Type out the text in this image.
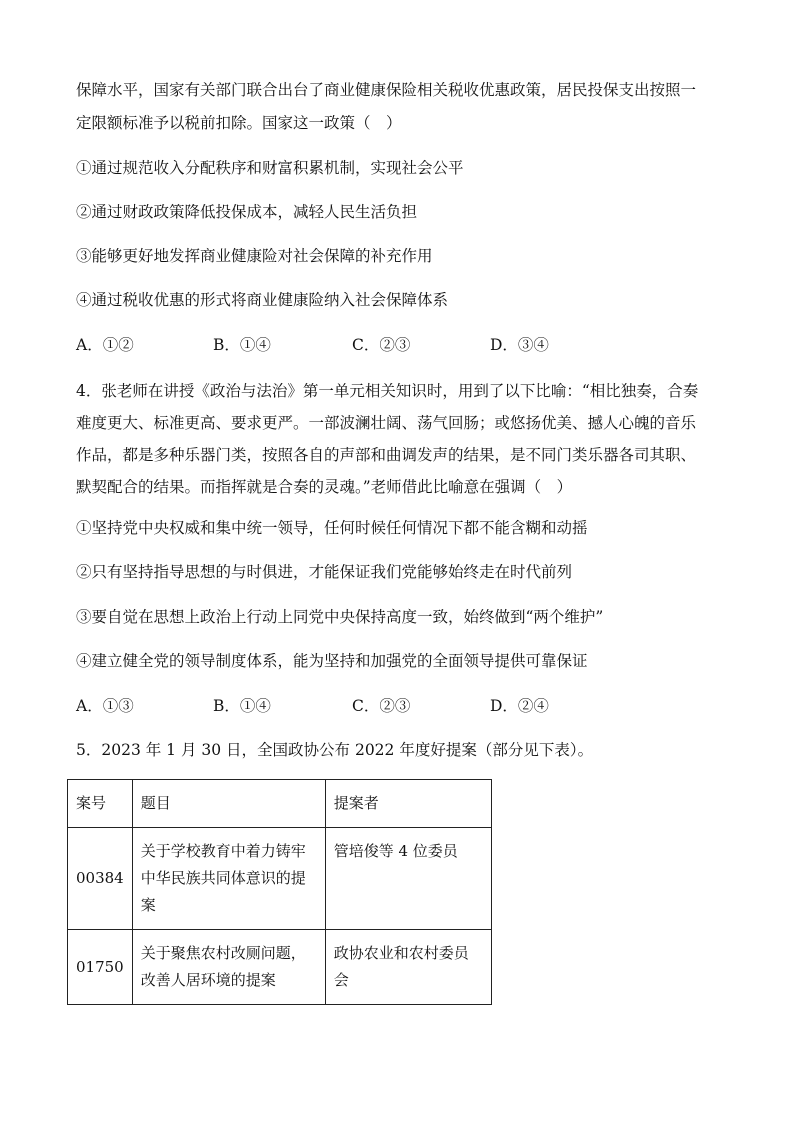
保障水平，国家有关部门联合出台了商业健康保险相关税收优惠政策，居民投保支出按照一
定限额标准予以税前扣除。国家这一政策（　）
①通过规范收入分配秩序和财富积累机制，实现社会公平
②通过财政政策降低投保成本，减轻人民生活负担
③能够更好地发挥商业健康险对社会保障的补充作用
④通过税收优惠的形式将商业健康险纳入社会保障体系
A．①②	B．①④	C．②③	D．③④
4．张老师在讲授《政治与法治》第一单元相关知识时，用到了以下比喻：“相比独奏，合奏
难度更大、标准更高、要求更严。一部波澜壮阔、荡气回肠；或悠扬优美、撼人心魄的音乐
作品，都是多种乐器门类，按照各自的声部和曲调发声的结果，是不同门类乐器各司其职、
默契配合的结果。而指挥就是合奏的灵魂。”老师借此比喻意在强调（　）
①坚持党中央权威和集中统一领导，任何时候任何情况下都不能含糊和动摇
②只有坚持指导思想的与时俱进，才能保证我们党能够始终走在时代前列
③要自觉在思想上政治上行动上同党中央保持高度一致，始终做到“两个维护”
④建立健全党的领导制度体系，能为坚持和加强党的全面领导提供可靠保证
A．①③	B．①④	C．②③	D．②④
5．2023 年 1 月 30 日，全国政协公布 2022 年度好提案（部分见下表）。
案号	题目	提案者
00384	关于学校教育中着力铸牢中华民族共同体意识的提案	管培俊等 4 位委员
01750	关于聚焦农村改厕问题，改善人居环境的提案	政协农业和农村委员会
